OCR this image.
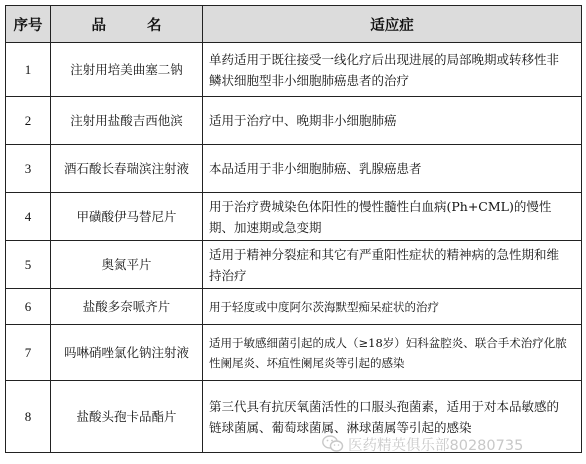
序号	品 名	适应症
1	注射用培美曲塞二钠	单药适用于既往接受一线化疗后出现进展的局部晚期或转移性非鳞状细胞型非小细胞肺癌患者的治疗
2	注射用盐酸吉西他滨	适用于治疗中、晚期非小细胞肺癌
3	酒石酸长春瑞滨注射液	本品适用于非小细胞肺癌、乳腺癌患者
4	甲磺酸伊马替尼片	用于治疗费城染色体阳性的慢性髓性白血病(Ph+CML)的慢性期、加速期或急变期
5	奥氮平片	适用于精神分裂症和其它有严重阳性症状的精神病的急性期和维持治疗
6	盐酸多奈哌齐片	用于轻度或中度阿尔茨海默型痴呆症状的治疗
7	吗啉硝唑氯化钠注射液	适用于敏感细菌引起的成人（≥18岁）妇科盆腔炎、联合手术治疗化脓性阑尾炎、坏疽性阑尾炎等引起的感染
8	盐酸头孢卡品酯片	第三代具有抗厌氧菌活性的口服头孢菌素，适用于对本品敏感的链球菌属、葡萄球菌属、淋球菌属等引起的感染
医药精英俱乐部80280735
